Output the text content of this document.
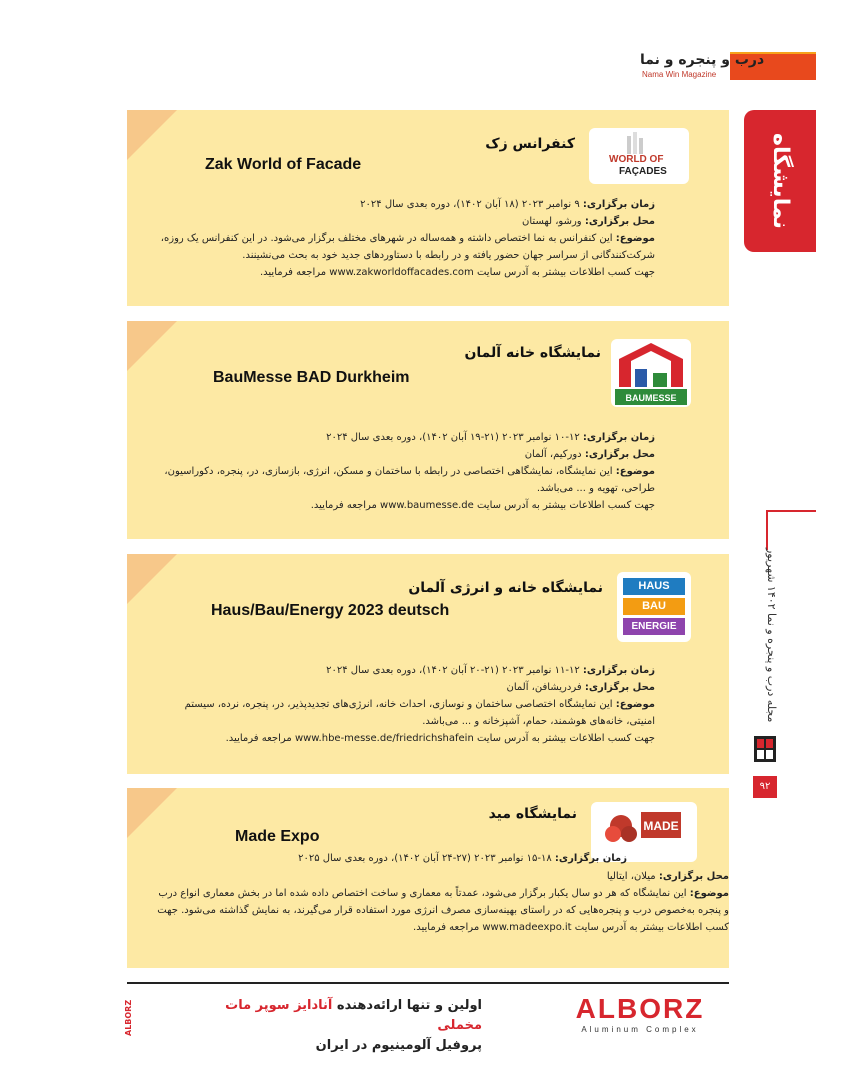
درب و پنجره و نما
Nama Win Magazine
نمایشگاه
WORLD OF
FAÇADES
کنفرانس زک
Zak World of Facade
زمان برگزاری: ۹ نوامبر ۲۰۲۳ (۱۸ آبان ۱۴۰۲)، دوره بعدی سال ۲۰۲۴
محل برگزاری: ورشو، لهستان
موضوع: این کنفرانس به نما اختصاص داشته و همه‌ساله در شهرهای مختلف برگزار می‌شود. در این کنفرانس یک روزه، شرکت‌کنندگانی از سراسر جهان حضور یافته و در رابطه با دستاوردهای جدید خود به بحث می‌نشینند.
جهت کسب اطلاعات بیشتر به آدرس سایت www.zakworldoffacades.com مراجعه فرمایید.
BAUMESSE
نمایشگاه خانه آلمان
BauMesse BAD Durkheim
زمان برگزاری: ۱۲-۱۰ نوامبر ۲۰۲۳ (۲۱-۱۹ آبان ۱۴۰۲)، دوره بعدی سال ۲۰۲۴
محل برگزاری: دورکیم، آلمان
موضوع: این نمایشگاه، نمایشگاهی اختصاصی در رابطه با ساختمان و مسکن، انرژی، بازسازی، در، پنجره، دکوراسیون، طراحی، تهویه و ... می‌باشد.
جهت کسب اطلاعات بیشتر به آدرس سایت www.baumesse.de مراجعه فرمایید.
HAUS
BAU
ENERGIE
نمایشگاه خانه و انرژی آلمان
Haus/Bau/Energy 2023 deutsch
زمان برگزاری: ۱۲-۱۱ نوامبر ۲۰۲۳ (۲۱-۲۰ آبان ۱۴۰۲)، دوره بعدی سال ۲۰۲۴
محل برگزاری: فردریشافن، آلمان
موضوع: این نمایشگاه اختصاصی ساختمان و نوسازی، احداث خانه، انرژی‌های تجدیدپذیر، در، پنجره، نرده، سیستم امنیتی، خانه‌های هوشمند، حمام، آشپزخانه و ... می‌باشد.
جهت کسب اطلاعات بیشتر به آدرس سایت www.hbe-messe.de/friedrichshafein مراجعه فرمایید.
MADE
نمایشگاه مید
Made Expo
زمان برگزاری: ۱۸-۱۵ نوامبر ۲۰۲۳ (۲۷-۲۴ آبان ۱۴۰۲)، دوره بعدی سال ۲۰۲۵
محل برگزاری: میلان، ایتالیا
موضوع: این نمایشگاه که هر دو سال یکبار برگزار می‌شود، عمدتاً به معماری و ساخت اختصاص داده شده اما در بخش معماری انواع درب و پنجره به‌خصوص درب و پنجره‌هایی که در راستای بهینه‌سازی مصرف انرژی مورد استفاده قرار می‌گیرند، به نمایش گذاشته می‌شود. جهت کسب اطلاعات بیشتر به آدرس سایت www.madeexpo.it مراجعه فرمایید.
مجله درب و پنجره و نما ۱۴۰۲ شهریور
۹۲
اولین و تنها ارائه‌دهنده آنادایز سوپر مات مخملی
پروفیل آلومینیوم در ایران
ALBORZ
Aluminum Complex
ALBORZ
